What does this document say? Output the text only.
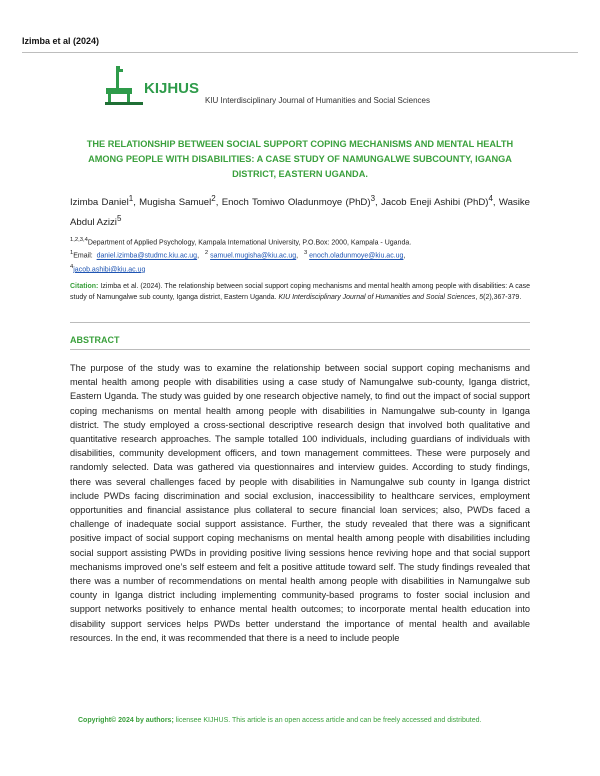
Izimba et al (2024)
KIJHUS
KIU Interdisciplinary Journal of Humanities and Social Sciences
THE RELATIONSHIP BETWEEN SOCIAL SUPPORT COPING MECHANISMS AND MENTAL HEALTH AMONG PEOPLE WITH DISABILITIES: A CASE STUDY OF NAMUNGALWE SUBCOUNTY, IGANGA DISTRICT, EASTERN UGANDA.
Izimba Daniel$^1$, Mugisha Samuel$^2$, Enoch Tomiwo Oladunmoye (PhD)$^3$, Jacob Eneji Ashibi (PhD)$^4$, Wasike Abdul Azizi$^5$
$^{1,2,3,4}$Department of Applied Psychology, Kampala International University, P.O.Box: 2000, Kampala - Uganda.
$^1$Email: daniel.izimba@studmc.kiu.ac.ug,   $^2$ samuel.mugisha@kiu.ac.ug,   $^3$ enoch.oladunmoye@kiu.ac.ug,
$^4$jacob.ashibi@kiu.ac.ug
Citation: Izimba et al. (2024). The relationship between social support coping mechanisms and mental health among people with disabilities: A case study of Namungalwe sub county, Iganga district, Eastern Uganda. KIU Interdisciplinary Journal of Humanities and Social Sciences, 5(2),367-379.
ABSTRACT
The purpose of the study was to examine the relationship between social support coping mechanisms and mental health among people with disabilities using a case study of Namungalwe sub-county, Iganga district, Eastern Uganda. The study was guided by one research objective namely, to find out the impact of social support coping mechanisms on mental health among people with disabilities in Namungalwe sub-county in Iganga district. The study employed a cross-sectional descriptive research design that involved both qualitative and quantitative research approaches. The sample totalled 100 individuals, including guardians of individuals with disabilities, community development officers, and town management committees. These were purposely and randomly selected. Data was gathered via questionnaires and interview guides. According to study findings, there was several challenges faced by people with disabilities in Namungalwe sub county in Iganga district include PWDs facing discrimination and social exclusion, inaccessibility to healthcare services, employment opportunities and financial assistance plus collateral to secure financial loan services; also, PWDs faced a challenge of inadequate social support assistance. Further, the study revealed that there was a significant positive impact of social support coping mechanisms on mental health among people with disabilities including social support assisting PWDs in providing positive living sessions hence reviving hope and that social support mechanisms improved one’s self esteem and felt a positive attitude toward self. The study findings revealed that there was a number of recommendations on mental health among people with disabilities in Namungalwe sub county in Iganga district including implementing community-based programs to foster social inclusion and support networks positively to enhance mental health outcomes; to incorporate mental health education into disability support services helps PWDs better understand the importance of mental health and available resources. In the end, it was recommended that there is a need to include people
Copyright© 2024 by authors; licensee KIJHUS. This article is an open access article and can be freely accessed and distributed.
